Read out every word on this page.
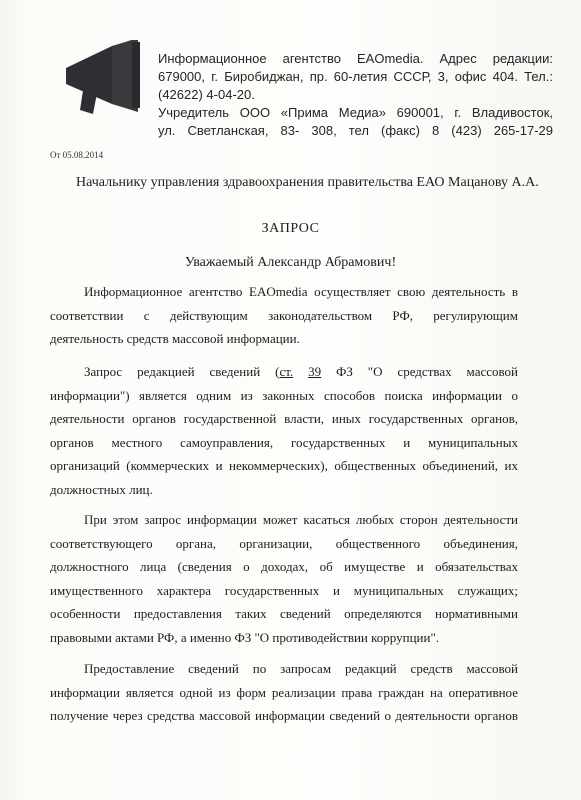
Информационное агентство EAOmedia. Адрес редакции:
679000, г. Биробиджан, пр. 60-летия СССР, 3, офис 404. Тел.:
(42622) 4-04-20.
Учредитель ООО «Прима Медиа» 690001, г. Владивосток,
ул. Светланская, 83- 308, тел (факс) 8 (423) 265-17-29
От 05.08.2014
Начальнику управления здравоохранения правительства ЕАО Мацанову А.А.
ЗАПРОС
Уважаемый Александр Абрамович!
Информационное агентство EAOmedia осуществляет свою деятельность в
соответствии с действующим законодательством РФ, регулирующим
деятельность средств массовой информации.
Запрос редакцией сведений (ст. 39 ФЗ "О средствах массовой
информации") является одним из законных способов поиска информации о
деятельности органов государственной власти, иных государственных органов,
органов местного самоуправления, государственных и муниципальных
организаций (коммерческих и некоммерческих), общественных объединений, их
должностных лиц.
При этом запрос информации может касаться любых сторон деятельности
соответствующего органа, организации, общественного объединения,
должностного лица (сведения о доходах, об имуществе и обязательствах
имущественного характера государственных и муниципальных служащих;
особенности предоставления таких сведений определяются нормативными
правовыми актами РФ, а именно ФЗ "О противодействии коррупции".
Предоставление сведений по запросам редакций средств массовой
информации является одной из форм реализации права граждан на оперативное
получение через средства массовой информации сведений о деятельности органов
